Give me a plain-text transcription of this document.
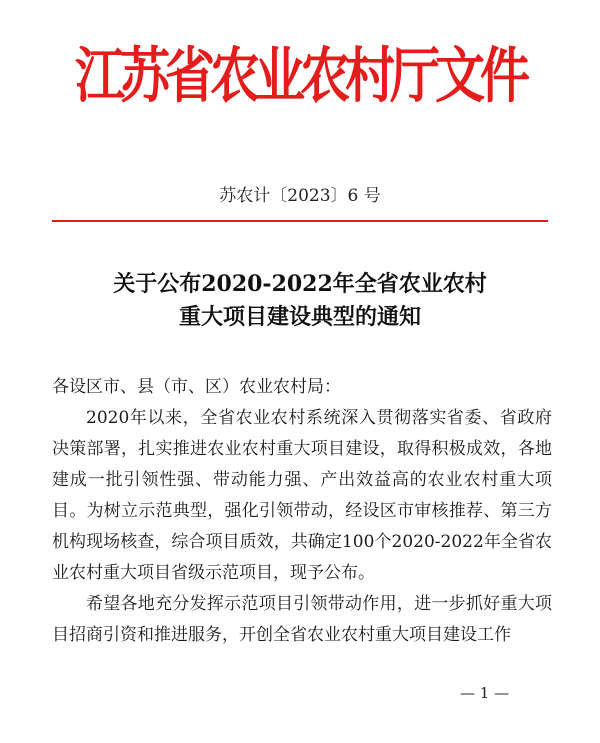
江苏省农业农村厅文件
苏农计〔2023〕6 号
关于公布2020-2022年全省农业农村
重大项目建设典型的通知

各设区市、县（市、区）农业农村局：

2020年以来，全省农业农村系统深入贯彻落实省委、省政府决策部署，扎实推进农业农村重大项目建设，取得积极成效，各地建成一批引领性强、带动能力强、产出效益高的农业农村重大项目。为树立示范典型，强化引领带动，经设区市审核推荐、第三方机构现场核查，综合项目质效，共确定100个2020-2022年全省农业农村重大项目省级示范项目，现予公布。

希望各地充分发挥示范项目引领带动作用，进一步抓好重大项目招商引资和推进服务，开创全省农业农村重大项目建设工作

— 1 —
